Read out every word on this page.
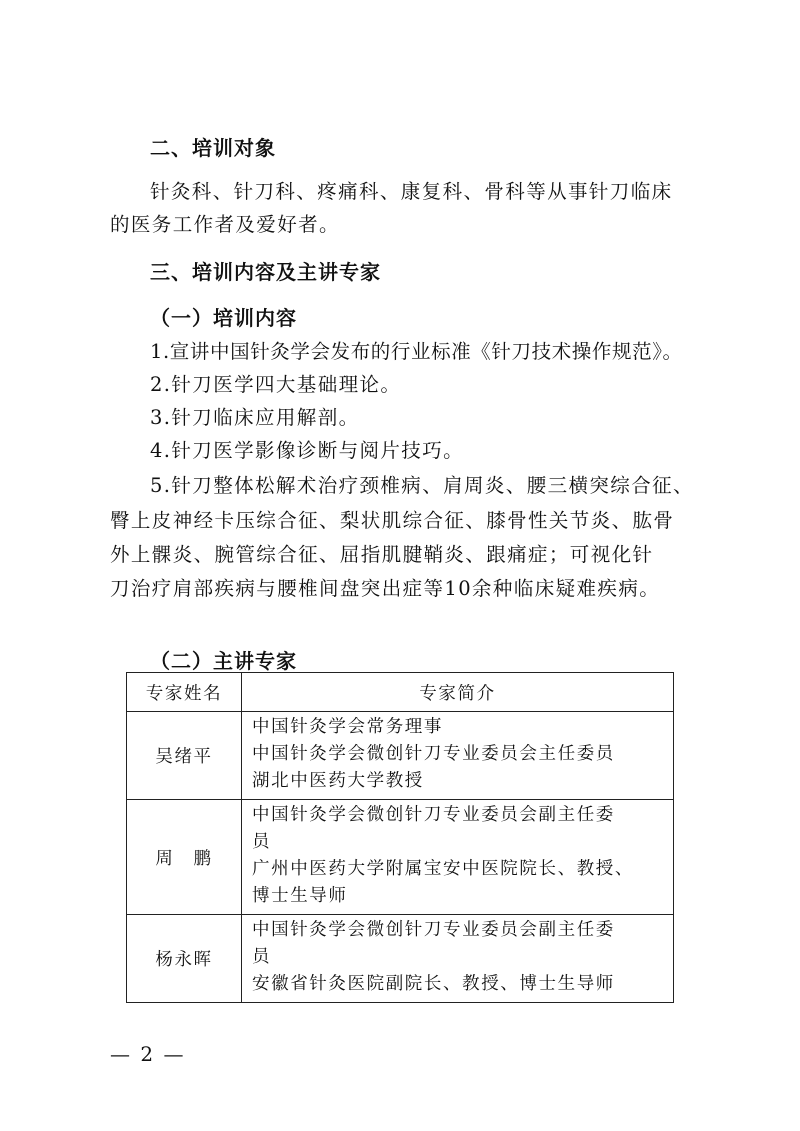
二、培训对象
针灸科、针刀科、疼痛科、康复科、骨科等从事针刀临床
的医务工作者及爱好者。
三、培训内容及主讲专家
（一）培训内容
1.宣讲中国针灸学会发布的行业标准《针刀技术操作规范》。
2.针刀医学四大基础理论。
3.针刀临床应用解剖。
4.针刀医学影像诊断与阅片技巧。
5.针刀整体松解术治疗颈椎病、肩周炎、腰三横突综合征、
臀上皮神经卡压综合征、梨状肌综合征、膝骨性关节炎、肱骨
外上髁炎、腕管综合征、屈指肌腱鞘炎、跟痛症；可视化针
刀治疗肩部疾病与腰椎间盘突出症等10余种临床疑难疾病。
（二）主讲专家
专家姓名	专家简介
吴绪平	中国针灸学会常务理事
中国针灸学会微创针刀专业委员会主任委员
湖北中医药大学教授

周　鹏	中国针灸学会微创针刀专业委员会副主任委
员
广州中医药大学附属宝安中医院院长、教授、
博士生导师

杨永晖	中国针灸学会微创针刀专业委员会副主任委
员
安徽省针灸医院副院长、教授、博士生导师
— 2 —
